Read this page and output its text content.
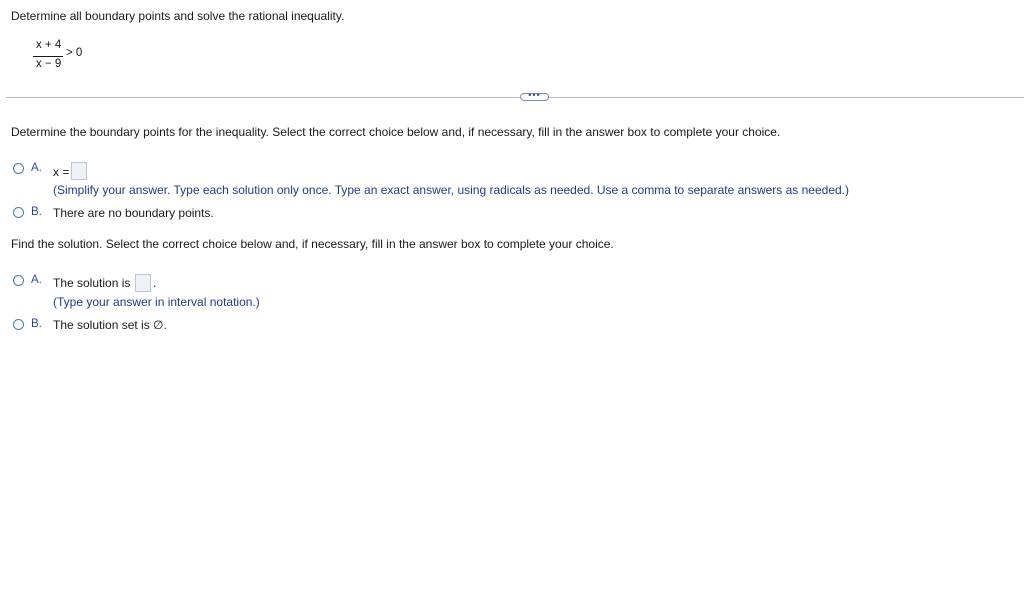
Determine all boundary points and solve the rational inequality.
x + 4
x − 9
> 0
•••
Determine the boundary points for the inequality. Select the correct choice below and, if necessary, fill in the answer box to complete your choice.
A. x =
(Simplify your answer. Type each solution only once. Type an exact answer, using radicals as needed. Use a comma to separate answers as needed.)
B. There are no boundary points.
Find the solution. Select the correct choice below and, if necessary, fill in the answer box to complete your choice.
A. The solution is .
(Type your answer in interval notation.)
B. The solution set is ∅.
